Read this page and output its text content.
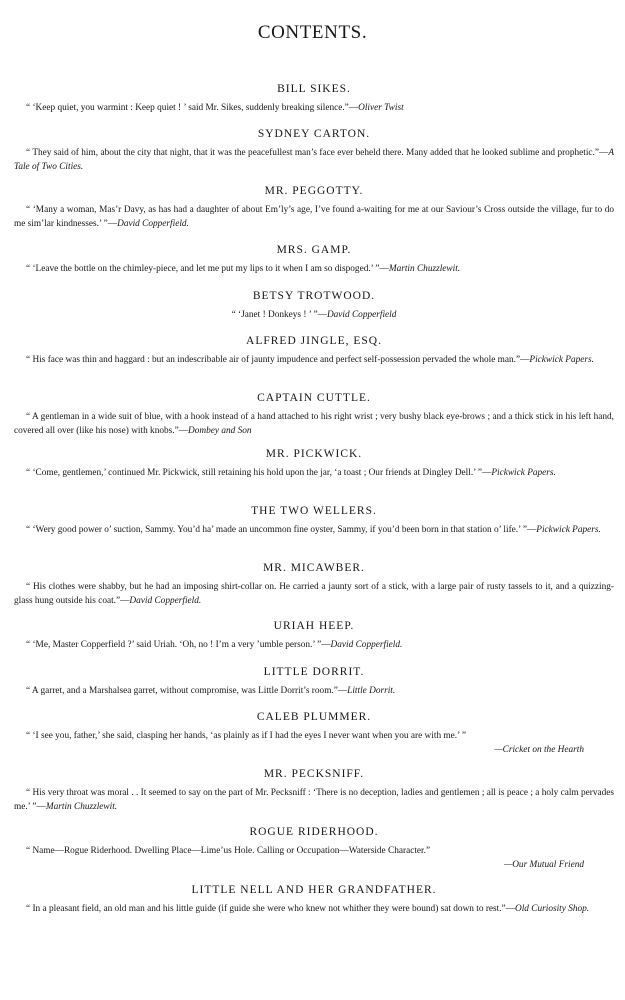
CONTENTS.
BILL SIKES.

“ ‘Keep quiet, you warmint : Keep quiet ! ’ said Mr. Sikes, suddenly breaking silence.”—Oliver Twist

SYDNEY CARTON.

“ They said of him, about the city that night, that it was the peacefullest man’s face ever beheld there. Many added that he looked sublime and prophetic.”—A Tale of Two Cities.

MR. PEGGOTTY.

“ ‘Many a woman, Mas’r Davy, as has had a daughter of about Em’ly’s age, I’ve found a-waiting for me at our Saviour’s Cross outside the village, fur to do me sim’lar kindnesses.’ ”—David Copperfield.

MRS. GAMP.

“ ‘Leave the bottle on the chimley-piece, and let me put my lips to it when I am so dispoged.’ ”—Martin Chuzzlewit.

BETSY TROTWOOD.

“ ‘Janet ! Donkeys ! ’ ”—David Copperfield

ALFRED JINGLE, ESQ.

“ His face was thin and haggard : but an indescribable air of jaunty impudence and perfect self-possession pervaded the whole man.”—Pickwick Papers.

CAPTAIN CUTTLE.

“ A gentleman in a wide suit of blue, with a hook instead of a hand attached to his right wrist ; very bushy black eye-brows ; and a thick stick in his left hand, covered all over (like his nose) with knobs.”—Dombey and Son

MR. PICKWICK.

“ ‘Come, gentlemen,’ continued Mr. Pickwick, still retaining his hold upon the jar, ‘a toast ; Our friends at Dingley Dell.’ ”—Pickwick Papers.

THE TWO WELLERS.

“ ‘Wery good power o’ suction, Sammy. You’d ha’ made an uncommon fine oyster, Sammy, if you’d been born in that station o’ life.’ ”—Pickwick Papers.

MR. MICAWBER.

“ His clothes were shabby, but he had an imposing shirt-collar on. He carried a jaunty sort of a stick, with a large pair of rusty tassels to it, and a quizzing-glass hung outside his coat.”—David Copperfield.

URIAH HEEP.

“ ‘Me, Master Copperfield ?’ said Uriah. ‘Oh, no ! I’m a very ’umble person.’ ”—David Copperfield.

LITTLE DORRIT.

“ A garret, and a Marshalsea garret, without compromise, was Little Dorrit’s room.”—Little Dorrit.

CALEB PLUMMER.

“ ‘I see you, father,’ she said, clasping her hands, ‘as plainly as if I had the eyes I never want when you are with me.’ ”

—Cricket on the Hearth

MR. PECKSNIFF.

“ His very throat was moral . . It seemed to say on the part of Mr. Pecksniff : ‘There is no deception, ladies and gentlemen ; all is peace ; a holy calm pervades me.’ ”—Martin Chuzzlewit.

ROGUE RIDERHOOD.

“ Name—Rogue Riderhood. Dwelling Place—Lime’us Hole. Calling or Occupation—Waterside Character.”

—Our Mutual Friend

LITTLE NELL AND HER GRANDFATHER.

“ In a pleasant field, an old man and his little guide (if guide she were who knew not whither they were bound) sat down to rest.”—Old Curiosity Shop.
